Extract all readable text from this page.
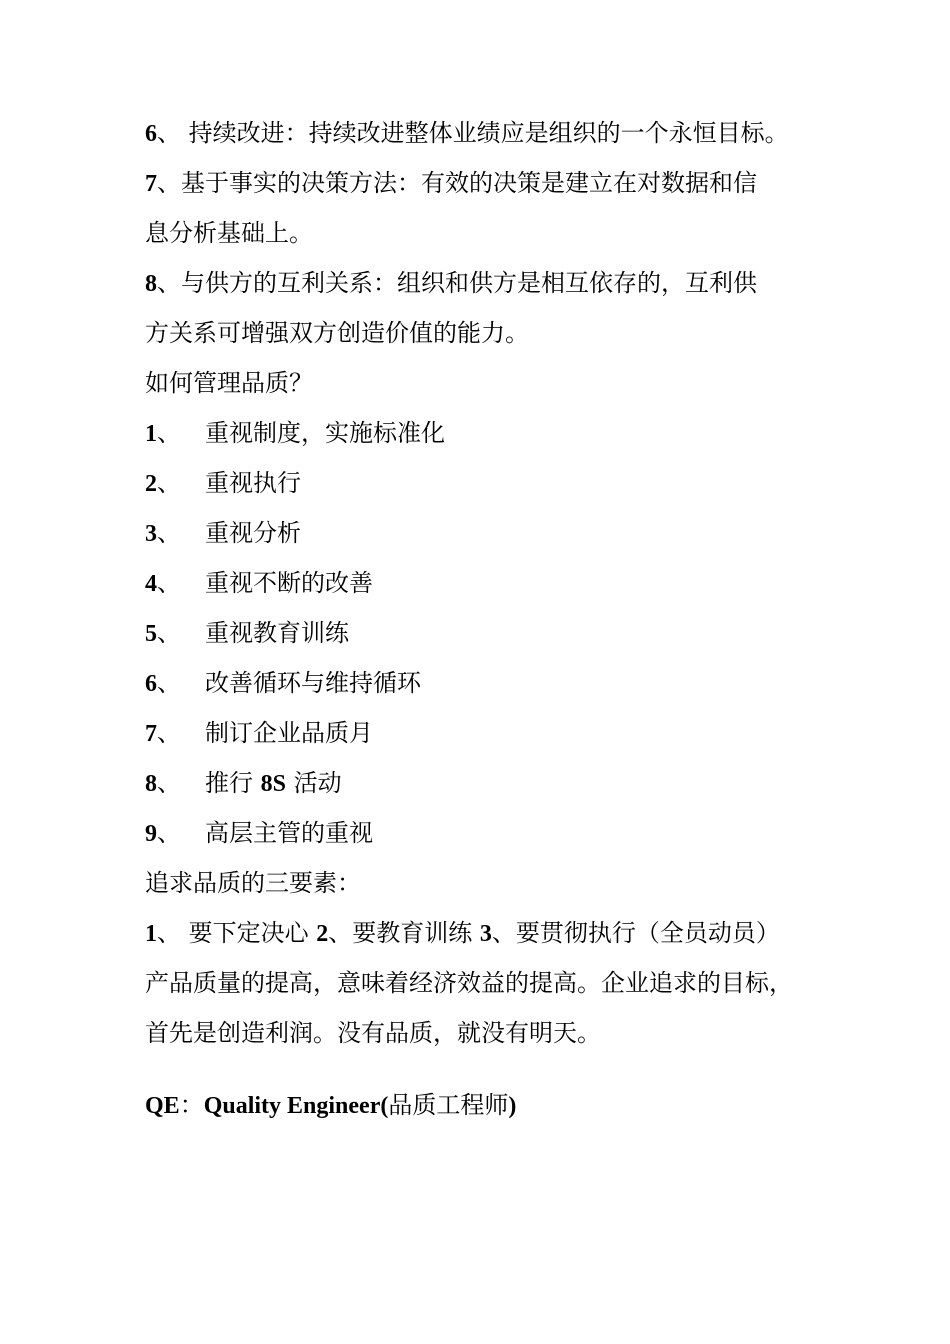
6、 持续改进：持续改进整体业绩应是组织的一个永恒目标。
7、基于事实的决策方法：有效的决策是建立在对数据和信
息分析基础上。
8、与供方的互利关系：组织和供方是相互依存的，互利供
方关系可增强双方创造价值的能力。
如何管理品质？
1、 重视制度，实施标准化
2、 重视执行
3、 重视分析
4、 重视不断的改善
5、 重视教育训练
6、 改善循环与维持循环
7、 制订企业品质月
8、 推行 8S 活动
9、 高层主管的重视
追求品质的三要素：
1、 要下定决心 2、要教育训练 3、要贯彻执行（全员动员）
产品质量的提高，意味着经济效益的提高。企业追求的目标，
首先是创造利润。没有品质，就没有明天。
QE：Quality Engineer(品质工程师)
